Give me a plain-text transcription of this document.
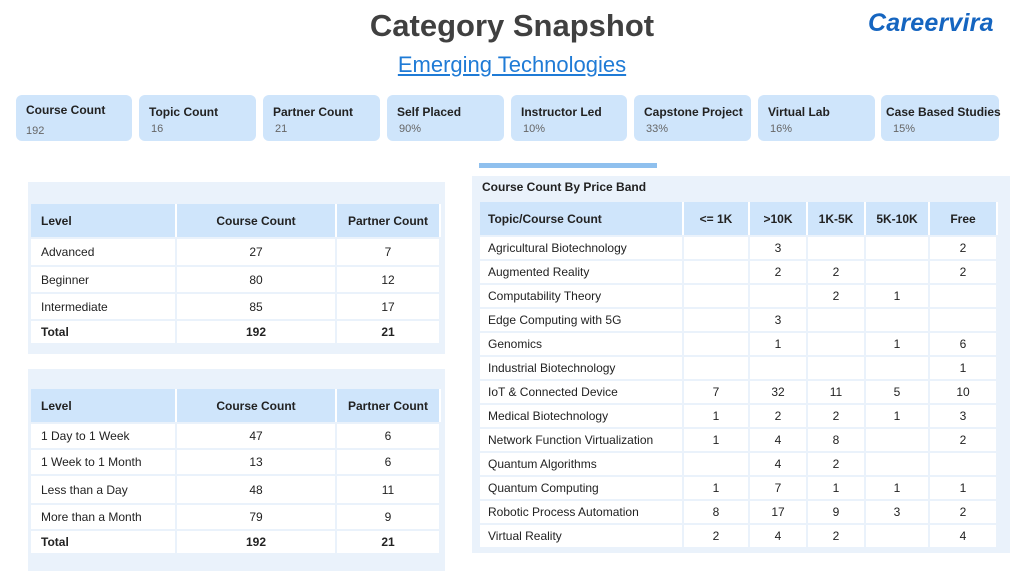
Category Snapshot
Emerging Technologies
Careervira
Course Count
192
Topic Count
16
Partner Count
21
Self Placed
90%
Instructor Led
10%
Capstone Project
33%
Virtual Lab
16%
Case Based Studies
15%
Level	Course Count	Partner Count
Advanced	27	7
Beginner	80	12
Intermediate	85	17
Total	192	21
Level	Course Count	Partner Count
1 Day to 1 Week	47	6
1 Week to 1 Month	13	6
Less than a Day	48	11
More than a Month	79	9
Total	192	21
Course Count By Price Band
Topic/Course Count	<= 1K	>10K	1K-5K	5K-10K	Free
Agricultural Biotechnology		3			2
Augmented Reality		2	2		2
Computability Theory			2	1	
Edge Computing with 5G		3			
Genomics		1		1	6
Industrial Biotechnology					1
IoT & Connected Device	7	32	11	5	10
Medical Biotechnology	1	2	2	1	3
Network Function Virtualization	1	4	8		2
Quantum Algorithms		4	2		
Quantum Computing	1	7	1	1	1
Robotic Process Automation	8	17	9	3	2
Virtual Reality	2	4	2		4
